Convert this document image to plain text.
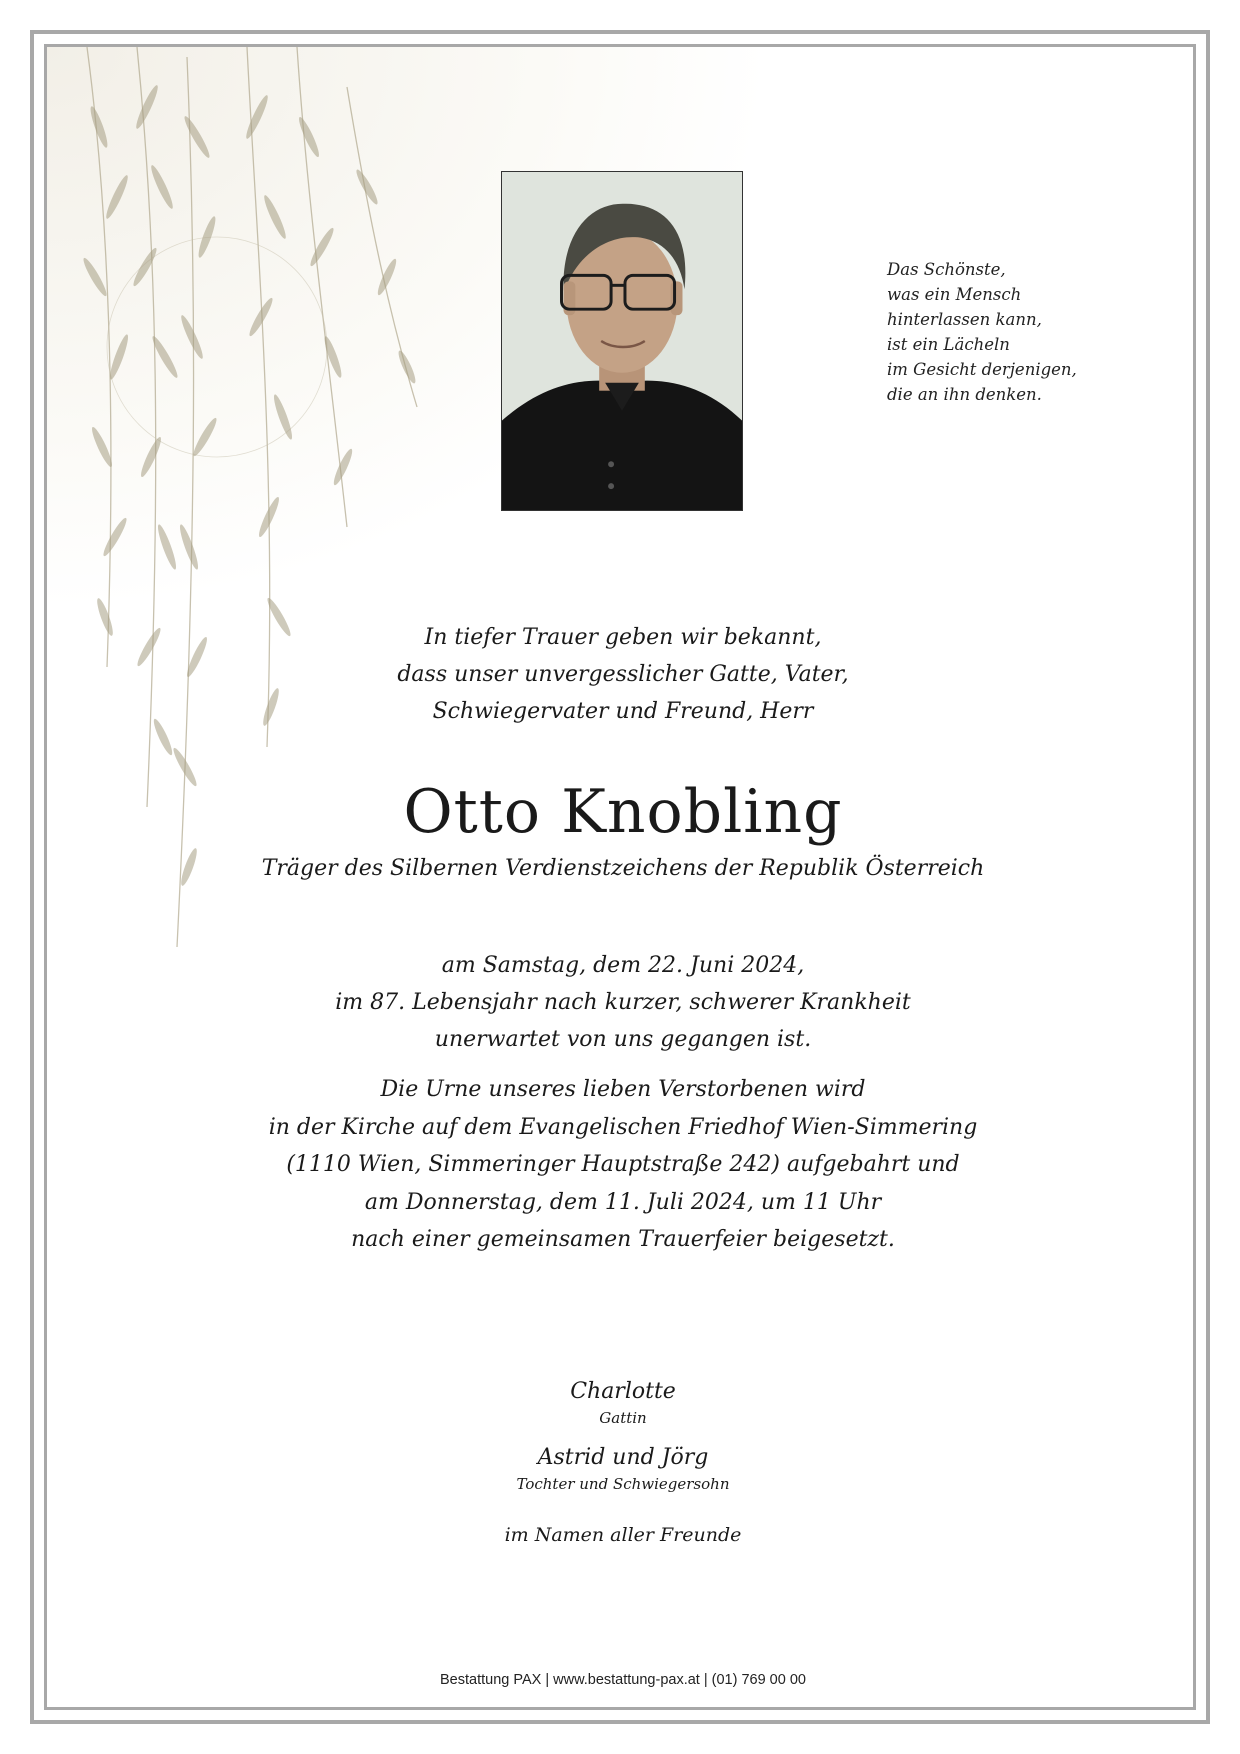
Das Schönste,
was ein Mensch
hinterlassen kann,
ist ein Lächeln
im Gesicht derjenigen,
die an ihn denken.
In tiefer Trauer geben wir bekannt,
dass unser unvergesslicher Gatte, Vater,
Schwiegervater und Freund, Herr
Otto Knobling
Träger des Silbernen Verdienstzeichens der Republik Österreich
am Samstag, dem 22. Juni 2024,
im 87. Lebensjahr nach kurzer, schwerer Krankheit
unerwartet von uns gegangen ist.
Die Urne unseres lieben Verstorbenen wird
in der Kirche auf dem Evangelischen Friedhof Wien-Simmering
(1110 Wien, Simmeringer Hauptstraße 242) aufgebahrt und
am Donnerstag, dem 11. Juli 2024, um 11 Uhr
nach einer gemeinsamen Trauerfeier beigesetzt.
Charlotte
Gattin
Astrid und Jörg
Tochter und Schwiegersohn
im Namen aller Freunde
Bestattung PAX | www.bestattung-pax.at | (01) 769 00 00
